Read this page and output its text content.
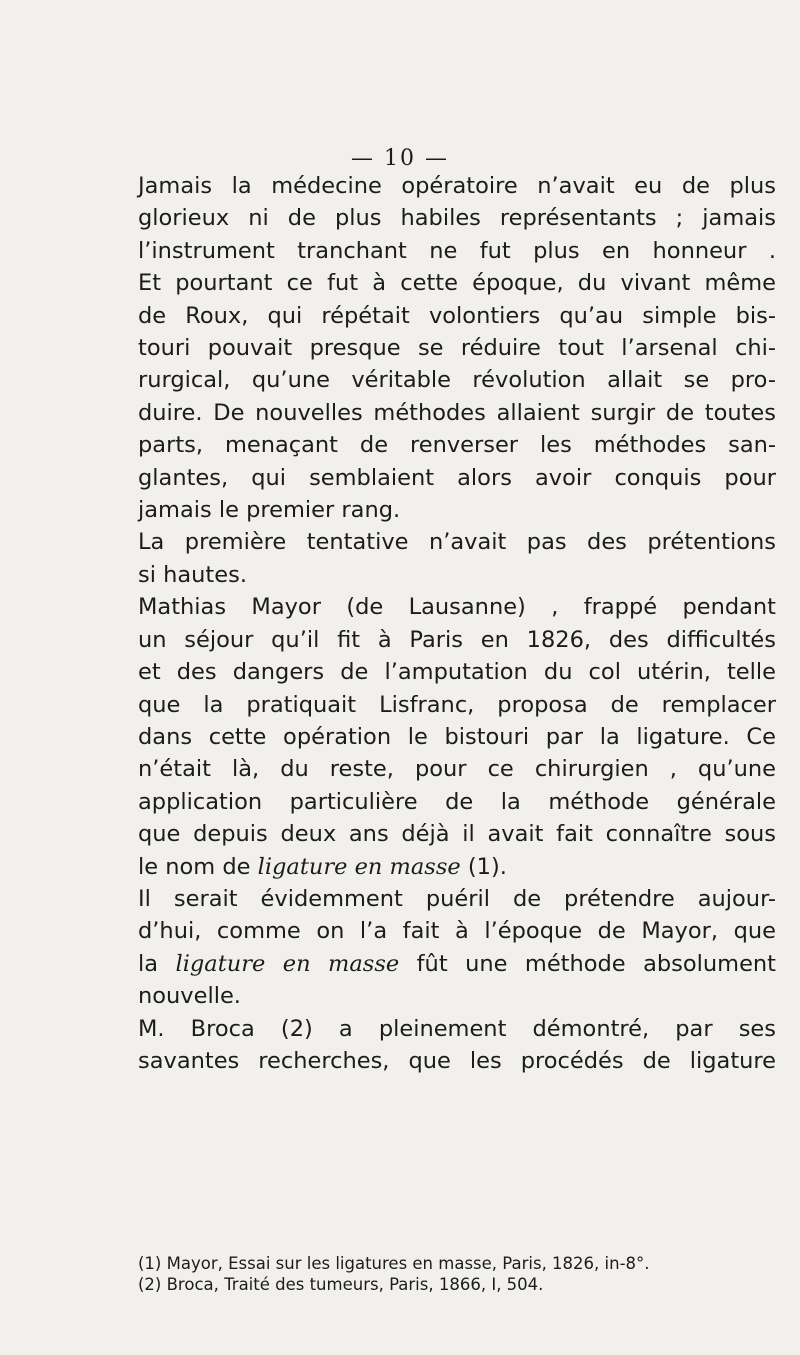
— 10 —

Jamais la médecine opératoire n’avait eu de plus
glorieux ni de plus habiles représentants ; jamais
l’instrument tranchant ne fut plus en honneur .
Et pourtant ce fut à cette époque, du vivant même
de Roux, qui répétait volontiers qu’au simple bis-
touri pouvait presque se réduire tout l’arsenal chi-
rurgical, qu’une véritable révolution allait se pro-
duire. De nouvelles méthodes allaient surgir de toutes
parts, menaçant de renverser les méthodes san-
glantes, qui semblaient alors avoir conquis pour
jamais le premier rang.

La première tentative n’avait pas des prétentions
si hautes.

Mathias Mayor (de Lausanne) , frappé pendant
un séjour qu’il fit à Paris en 1826, des difficultés
et des dangers de l’amputation du col utérin, telle
que la pratiquait Lisfranc, proposa de remplacer
dans cette opération le bistouri par la ligature. Ce
n’était là, du reste, pour ce chirurgien , qu’une
application particulière de la méthode générale
que depuis deux ans déjà il avait fait connaître sous
le nom de ligature en masse (1).

Il serait évidemment puéril de prétendre aujour-
d’hui, comme on l’a fait à l’époque de Mayor, que
la ligature en masse fût une méthode absolument
nouvelle.

M. Broca (2) a pleinement démontré, par ses
savantes recherches, que les procédés de ligature

(1) Mayor, Essai sur les ligatures en masse, Paris, 1826, in-8°.
(2) Broca, Traité des tumeurs, Paris, 1866, I, 504.
